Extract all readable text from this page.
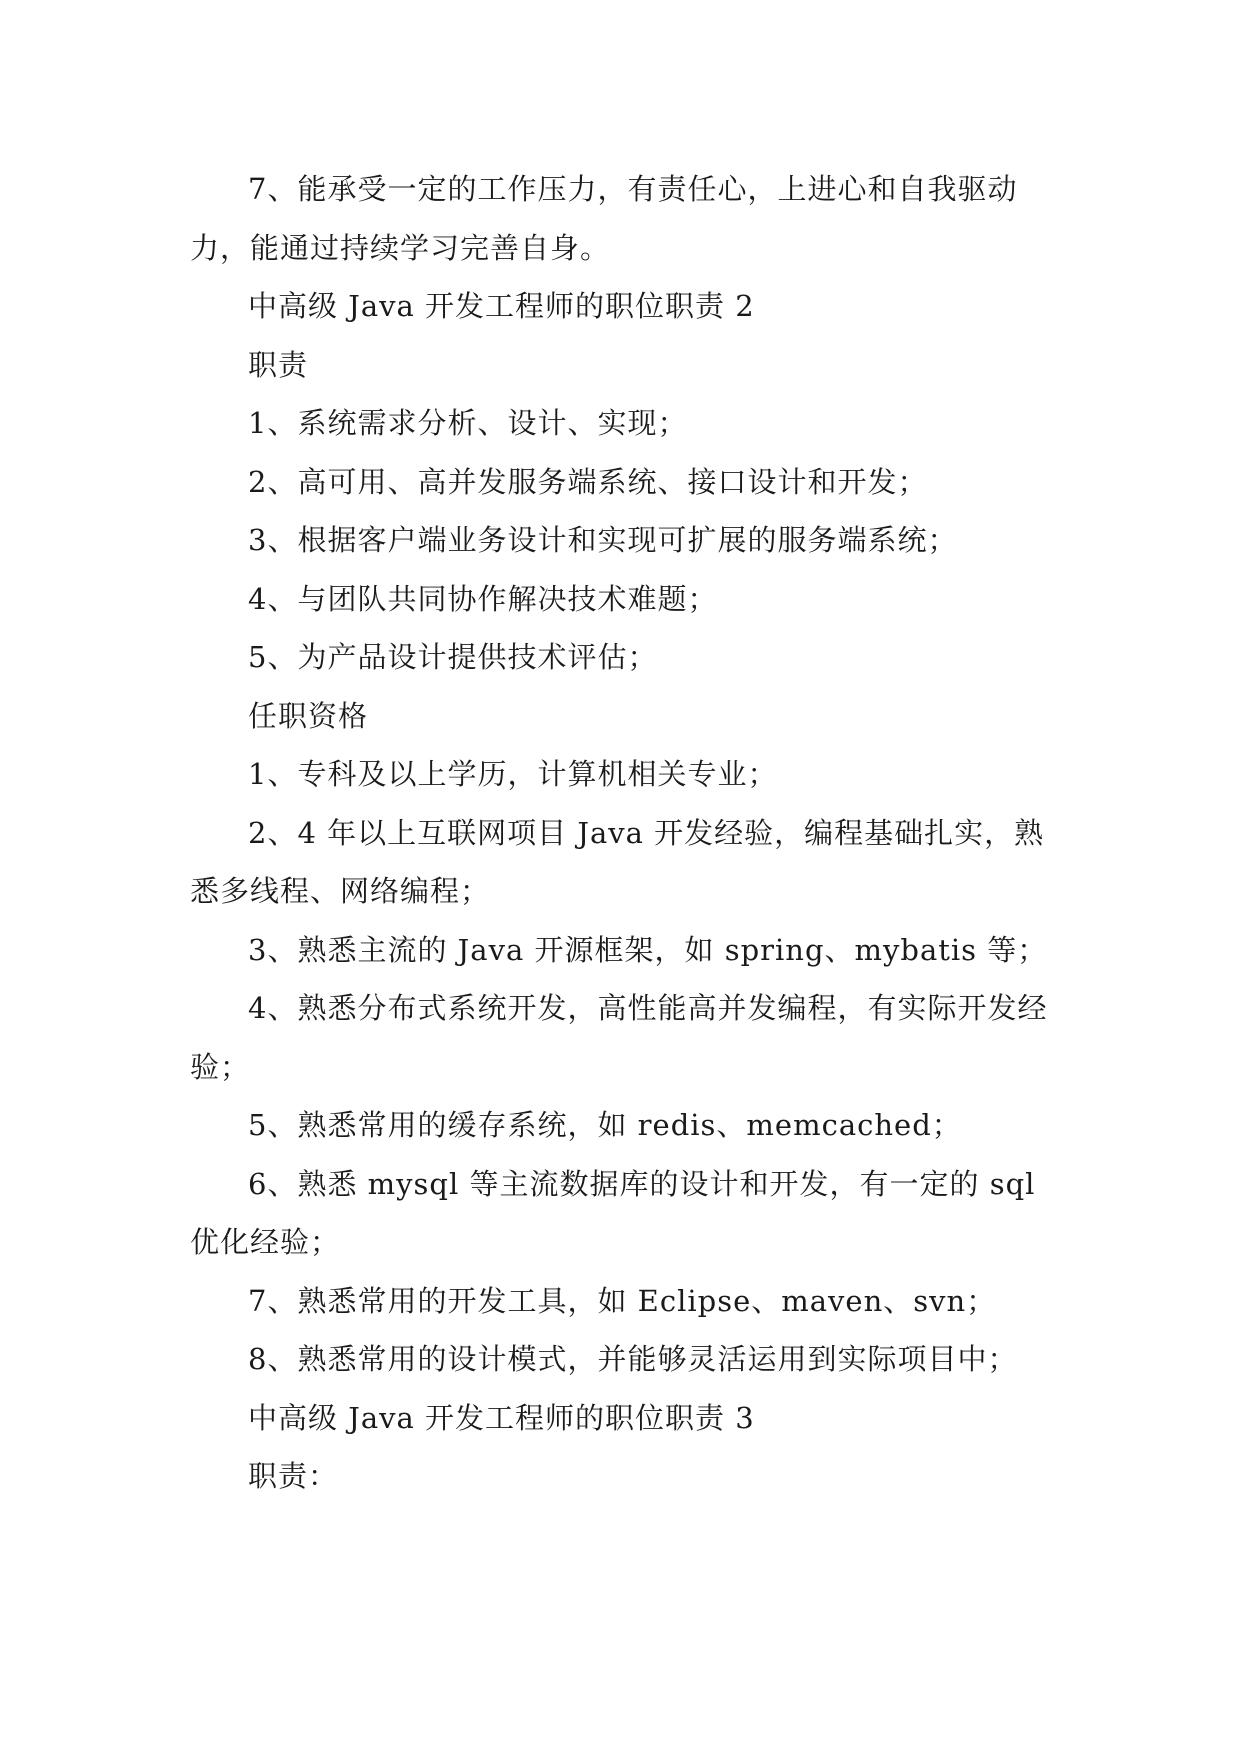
7、能承受一定的工作压力，有责任心，上进心和自我驱动力，能通过持续学习完善自身。

中高级 Java 开发工程师的职位职责 2

职责

1、系统需求分析、设计、实现；

2、高可用、高并发服务端系统、接口设计和开发；

3、根据客户端业务设计和实现可扩展的服务端系统；

4、与团队共同协作解决技术难题；

5、为产品设计提供技术评估；

任职资格

1、专科及以上学历，计算机相关专业；

2、4 年以上互联网项目 Java 开发经验，编程基础扎实，熟悉多线程、网络编程；

3、熟悉主流的 Java 开源框架，如 spring、mybatis 等；

4、熟悉分布式系统开发，高性能高并发编程，有实际开发经验；

5、熟悉常用的缓存系统，如 redis、memcached；

6、熟悉 mysql 等主流数据库的设计和开发，有一定的 sql 优化经验；

7、熟悉常用的开发工具，如 Eclipse、maven、svn；

8、熟悉常用的设计模式，并能够灵活运用到实际项目中；

中高级 Java 开发工程师的职位职责 3

职责：
